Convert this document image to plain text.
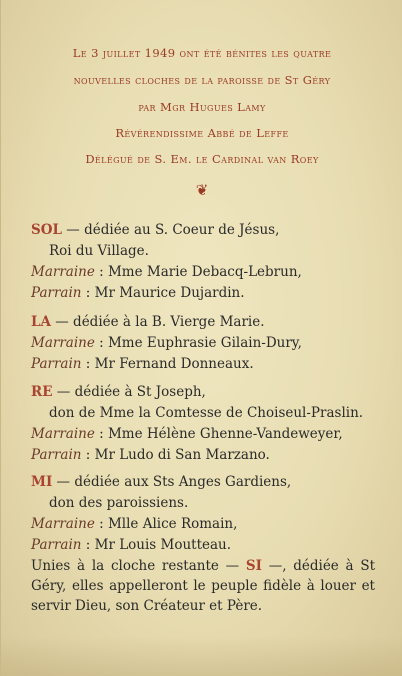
Le 3 juillet 1949 ont été bénites les quatre
nouvelles cloches de la paroisse de St Géry
par Mgr Hugues Lamy
Révérendissime Abbé de Leffe
Délégué de S. Em. le Cardinal van Roey
❦
SOL — dédiée au S. Coeur de Jésus,
Roi du Village.
Marraine : Mme Marie Debacq-Lebrun,
Parrain : Mr Maurice Dujardin.
LA — dédiée à la B. Vierge Marie.
Marraine : Mme Euphrasie Gilain-Dury,
Parrain : Mr Fernand Donneaux.
RE — dédiée à St Joseph,
don de Mme la Comtesse de Choiseul-Praslin.
Marraine : Mme Hélène Ghenne-Vandeweyer,
Parrain : Mr Ludo di San Marzano.
MI — dédiée aux Sts Anges Gardiens,
don des paroissiens.
Marraine : Mlle Alice Romain,
Parrain : Mr Louis Moutteau.
Unies à la cloche restante — SI —, dédiée à St Géry, elles appelleront le peuple fidèle à louer et servir Dieu, son Créateur et Père.
